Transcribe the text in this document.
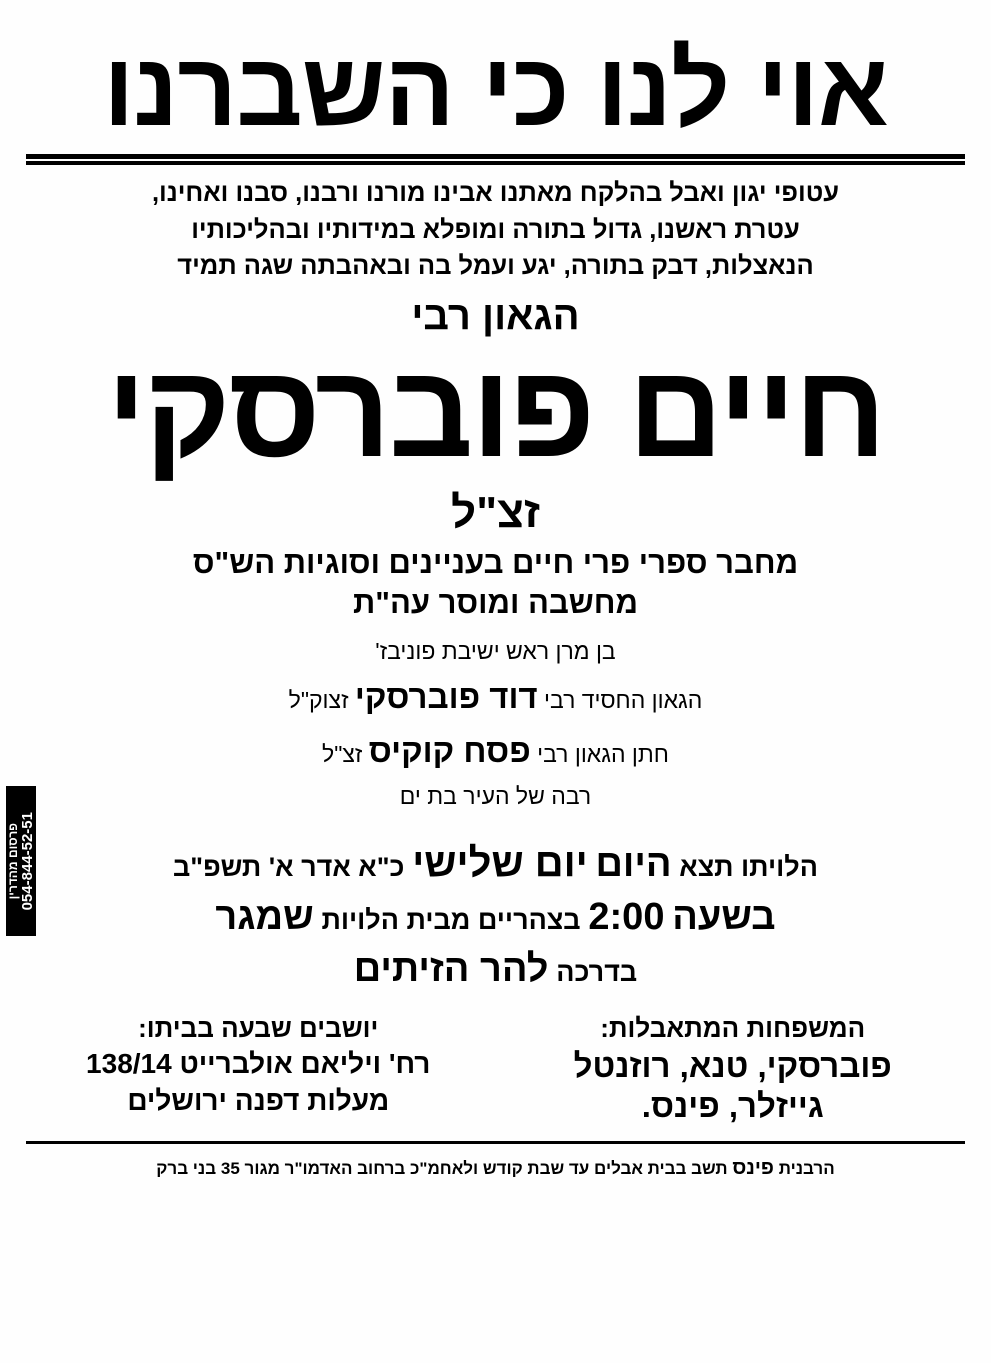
אוי לנו כי השברנו
עטופי יגון ואבל בהלקח מאתנו אבינו מורנו ורבנו, סבנו ואחינו,
עטרת ראשנו, גדול בתורה ומופלא במידותיו ובהליכותיו
הנאצלות, דבק בתורה, יגע ועמל בה ובאהבתה שגה תמיד
הגאון רבי
חיים פוברסקי
זצ"ל
מחבר ספרי פרי חיים בעניינים וסוגיות הש"ס
מחשבה ומוסר עה"ת
בן מרן ראש ישיבת פוניבז'
הגאון החסיד רבי דוד פוברסקי זצוק"ל
חתן הגאון רבי פסח קוקיס זצ"ל
רבה של העיר בת ים
הלויתו תצא היום יום שלישי כ"א אדר א' תשפ"ב
בשעה 2:00 בצהריים מבית הלויות שמגר
בדרכה להר הזיתים
המשפחות המתאבלות:
פוברסקי, טנא, רוזנטל
גייזלר, פינס.
יושבים שבעה בביתו:
רח' ויליאם אולברייט 138/14
מעלות דפנה ירושלים
הרבנית פינס תשב בבית אבלים עד שבת קודש ולאחמ"כ ברחוב האדמו"ר מגור 35 בני ברק
054-844-52-51
פרסום מהדרין
